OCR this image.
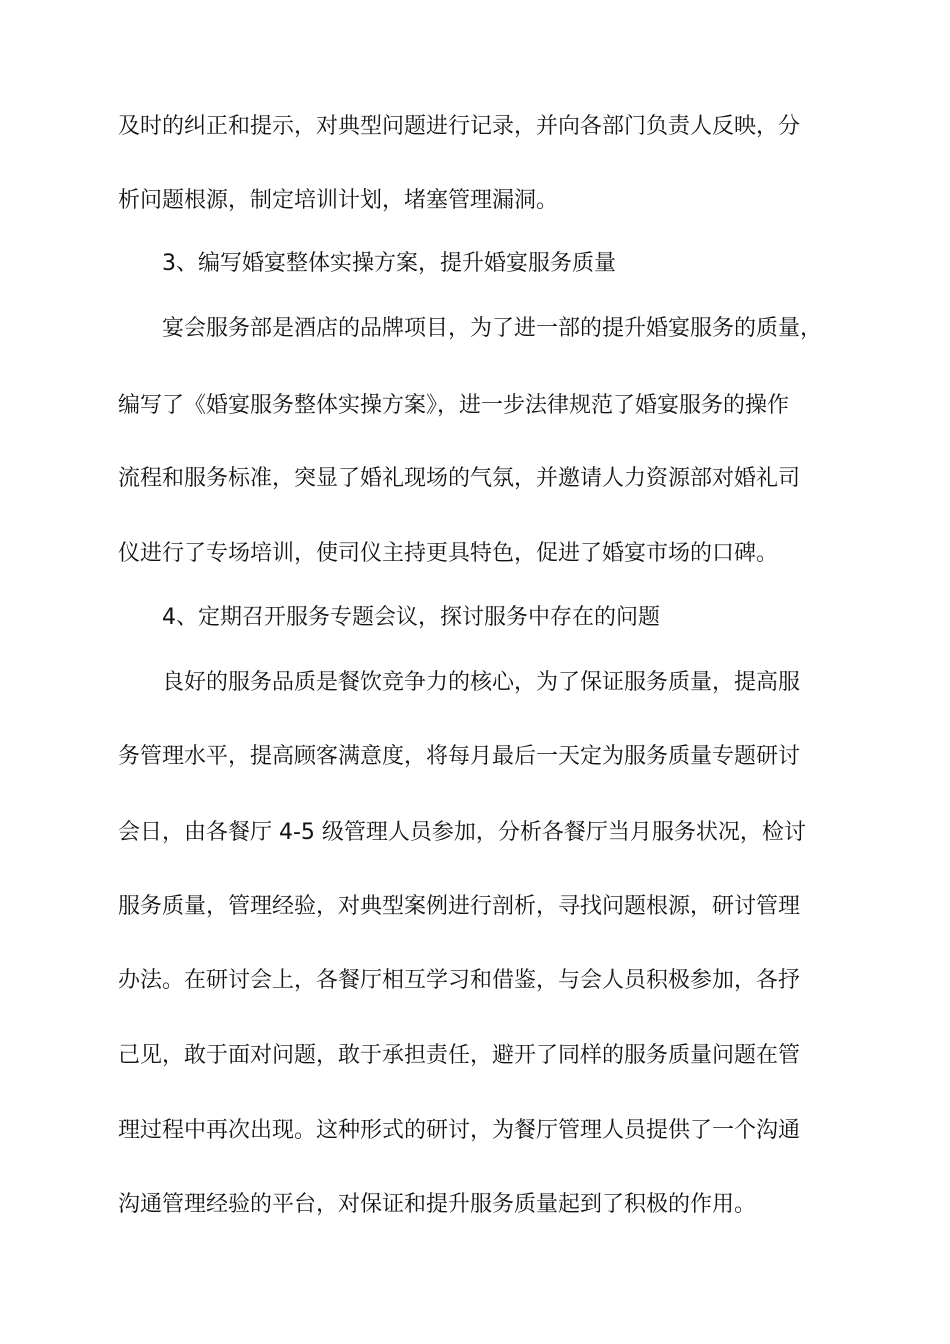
及时的纠正和提示，对典型问题进行记录，并向各部门负责人反映，分
析问题根源，制定培训计划，堵塞管理漏洞。
3、编写婚宴整体实操方案，提升婚宴服务质量
宴会服务部是酒店的品牌项目，为了进一部的提升婚宴服务的质量，
编写了《婚宴服务整体实操方案》，进一步法律规范了婚宴服务的操作
流程和服务标准，突显了婚礼现场的气氛，并邀请人力资源部对婚礼司
仪进行了专场培训，使司仪主持更具特色，促进了婚宴市场的口碑。
4、定期召开服务专题会议，探讨服务中存在的问题
良好的服务品质是餐饮竞争力的核心，为了保证服务质量，提高服
务管理水平，提高顾客满意度，将每月最后一天定为服务质量专题研讨
会日，由各餐厅 4-5 级管理人员参加，分析各餐厅当月服务状况，检讨
服务质量，管理经验，对典型案例进行剖析，寻找问题根源，研讨管理
办法。在研讨会上，各餐厅相互学习和借鉴，与会人员积极参加，各抒
己见，敢于面对问题，敢于承担责任，避开了同样的服务质量问题在管
理过程中再次出现。这种形式的研讨，为餐厅管理人员提供了一个沟通
沟通管理经验的平台，对保证和提升服务质量起到了积极的作用。
